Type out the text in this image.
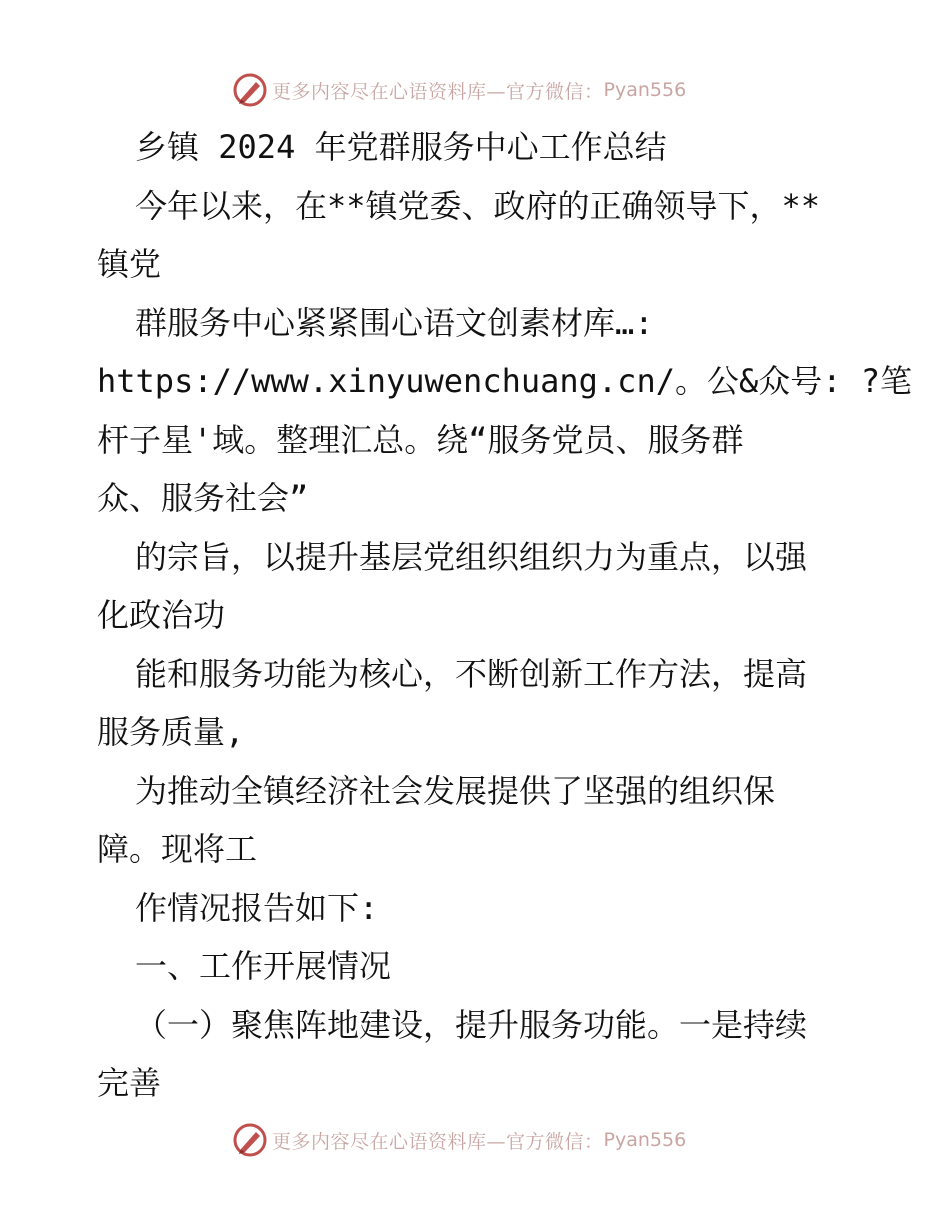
更多内容尽在心语资料库—官方微信： Pyan556
乡镇 2024 年党群服务中心工作总结
今年以来，在**镇党委、政府的正确领导下，**
镇党
群服务中心紧紧围心语文创素材库…:
https://www.xinyuwenchuang.cn/。公&众号: ?笔
杆子星'域。整理汇总。绕“服务党员、服务群
众、服务社会”
的宗旨，以提升基层党组织组织力为重点，以强
化政治功
能和服务功能为核心，不断创新工作方法，提高
服务质量,
为推动全镇经济社会发展提供了坚强的组织保
障。现将工
作情况报告如下:
一、工作开展情况
（一）聚焦阵地建设，提升服务功能。一是持续
完善
更多内容尽在心语资料库—官方微信： Pyan556
